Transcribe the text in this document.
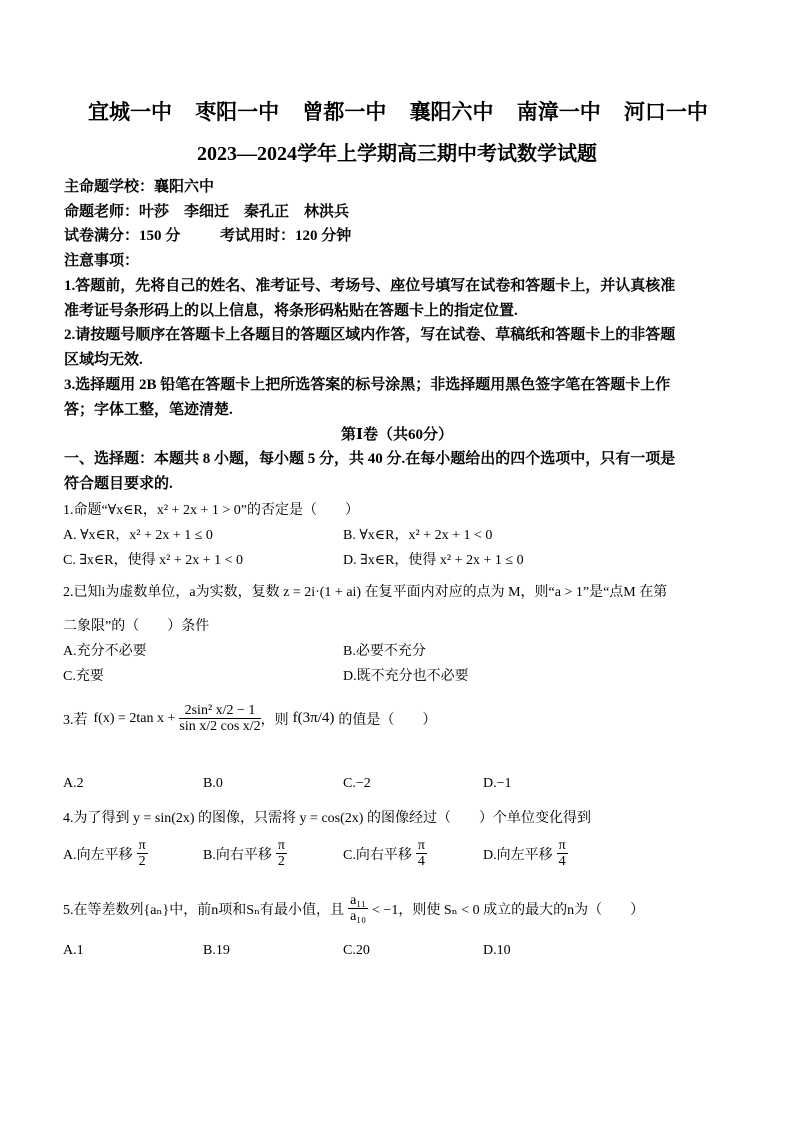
宜城一中 枣阳一中 曾都一中 襄阳六中 南漳一中 河口一中
2023—2024学年上学期高三期中考试数学试题
主命题学校：襄阳六中
命题老师：叶莎　李细迁　秦孔正　林洪兵
试卷满分：150 分	考试用时：120 分钟
注意事项：
1.答题前，先将自己的姓名、准考证号、考场号、座位号填写在试卷和答题卡上，并认真核准
准考证号条形码上的以上信息，将条形码粘贴在答题卡上的指定位置.
2.请按题号顺序在答题卡上各题目的答题区域内作答，写在试卷、草稿纸和答题卡上的非答题
区域均无效.
3.选择题用 2B 铅笔在答题卡上把所选答案的标号涂黑；非选择题用黑色签字笔在答题卡上作
答；字体工整，笔迹清楚.
第Ⅰ卷（共60分）
一、选择题：本题共 8 小题，每小题 5 分，共 40 分.在每小题给出的四个选项中，只有一项是
符合题目要求的.
1.命题“∀x∈R，x² + 2x + 1 > 0”的否定是（　　）
A. ∀x∈R，x² + 2x + 1 ≤ 0	B. ∀x∈R，x² + 2x + 1 < 0
C. ∃x∈R，使得 x² + 2x + 1 < 0	D. ∃x∈R，使得 x² + 2x + 1 ≤ 0
2.已知i为虚数单位，a为实数，复数 z = 2i·(1 + ai) 在复平面内对应的点为 M，则“a > 1”是“点M 在第
二象限”的（　　）条件
A.充分不必要	B.必要不充分
C.充要	D.既不充分也不必要
3.若 f(x) = 2tan $x + \frac{\text{2sin² x/2 − 1}}{\text{sin x/2 cos x/2}}$ ，则 f(3π/4) 的值是（　　）
A.2	B.0	C.−2	D.−1
4.为了得到 y = sin(2x) 的图像，只需将 y = cos(2x) 的图像经过（　　）个单位变化得到
A.向左平移 $\frac{\pi}{2}$	B.向右平移 $\frac{\pi}{2}$	C.向右平移 $\frac{\pi}{4}$	D.向左平移 $\frac{\pi}{4}$
5.在等差数列{aₙ}中，前n项和Sₙ有最小值，且 $\frac{\text{a₁₁}}{\text{a₁₀}} < -1$，则使 Sₙ < 0 成立的最大的n为（　　）
A.1	B.19	C.20	D.10
